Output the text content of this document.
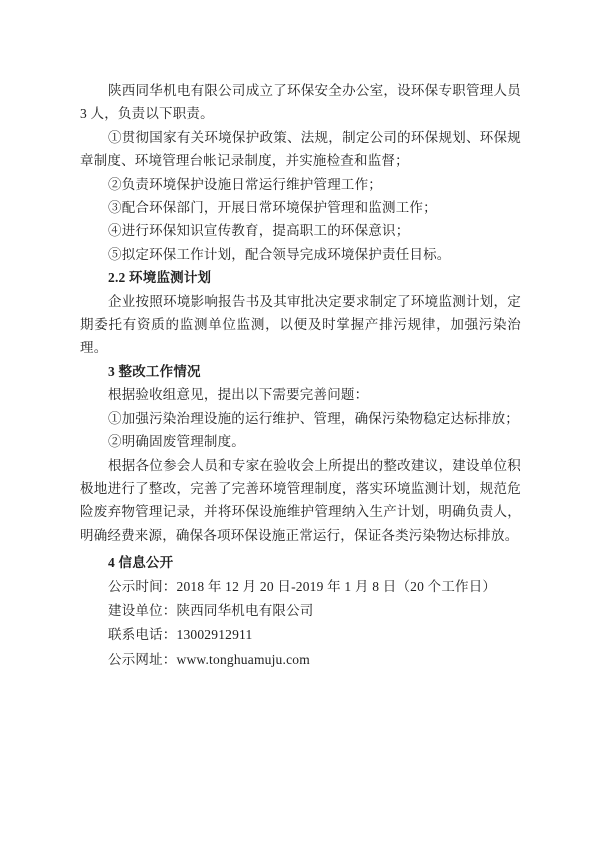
陕西同华机电有限公司成立了环保安全办公室，设环保专职管理人员 3 人，负责以下职责。

①贯彻国家有关环境保护政策、法规，制定公司的环保规划、环保规章制度、环境管理台帐记录制度，并实施检查和监督；

②负责环境保护设施日常运行维护管理工作；

③配合环保部门，开展日常环境保护管理和监测工作；

④进行环保知识宣传教育，提高职工的环保意识；

⑤拟定环保工作计划，配合领导完成环境保护责任目标。

2.2 环境监测计划

企业按照环境影响报告书及其审批决定要求制定了环境监测计划，定期委托有资质的监测单位监测，以便及时掌握产排污规律，加强污染治理。

3 整改工作情况

根据验收组意见，提出以下需要完善问题：

①加强污染治理设施的运行维护、管理，确保污染物稳定达标排放；

②明确固废管理制度。

根据各位参会人员和专家在验收会上所提出的整改建议，建设单位积极地进行了整改，完善了完善环境管理制度，落实环境监测计划，规范危险废弃物管理记录，并将环保设施维护管理纳入生产计划，明确负责人，明确经费来源，确保各项环保设施正常运行，保证各类污染物达标排放。

4 信息公开

公示时间：2018 年 12 月 20 日-2019 年 1 月 8 日（20 个工作日）

建设单位：陕西同华机电有限公司

联系电话：13002912911

公示网址：www.tonghuamuju.com
